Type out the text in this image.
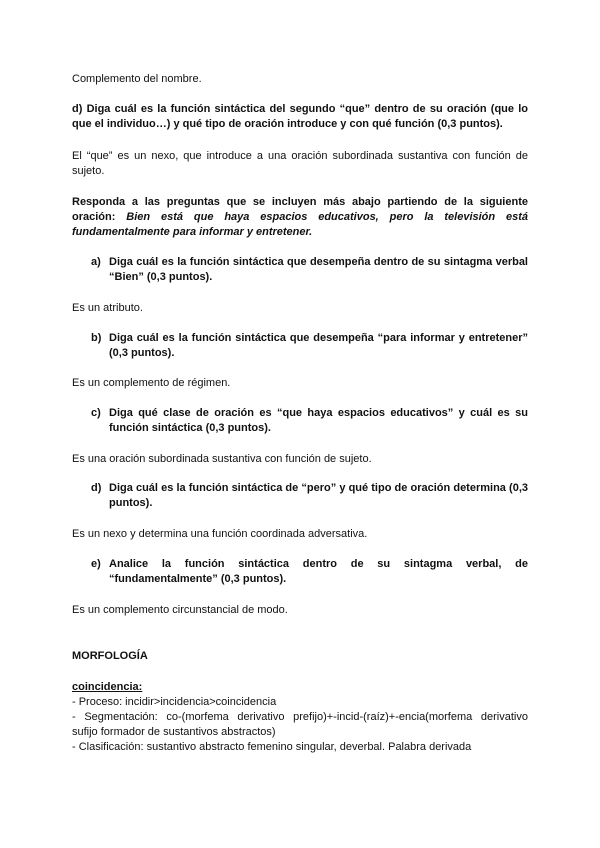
Complemento del nombre.

d) Diga cuál es la función sintáctica del segundo “que” dentro de su oración (que lo que el individuo…) y qué tipo de oración introduce y con qué función (0,3 puntos).

El “que” es un nexo, que introduce a una oración subordinada sustantiva con función de sujeto.

Responda a las preguntas que se incluyen más abajo partiendo de la siguiente oración: Bien está que haya espacios educativos, pero la televisión está fundamentalmente para informar y entretener.

a) Diga cuál es la función sintáctica que desempeña dentro de su sintagma verbal “Bien” (0,3 puntos).

Es un atributo.

b) Diga cuál es la función sintáctica que desempeña “para informar y entretener” (0,3 puntos).

Es un complemento de régimen.

c) Diga qué clase de oración es “que haya espacios educativos” y cuál es su función sintáctica (0,3 puntos).

Es una oración subordinada sustantiva con función de sujeto.

d) Diga cuál es la función sintáctica de “pero” y qué tipo de oración determina (0,3 puntos).

Es un nexo y determina una función coordinada adversativa.

e) Analice la función sintáctica dentro de su sintagma verbal, de “fundamentalmente” (0,3 puntos).

Es un complemento circunstancial de modo.

MORFOLOGÍA

coincidencia:

- Proceso: incidir>incidencia>coincidencia

- Segmentación: co-(morfema derivativo prefijo)+-incid-(raíz)+-encia(morfema derivativo sufijo formador de sustantivos abstractos)

- Clasificación: sustantivo abstracto femenino singular, deverbal. Palabra derivada
